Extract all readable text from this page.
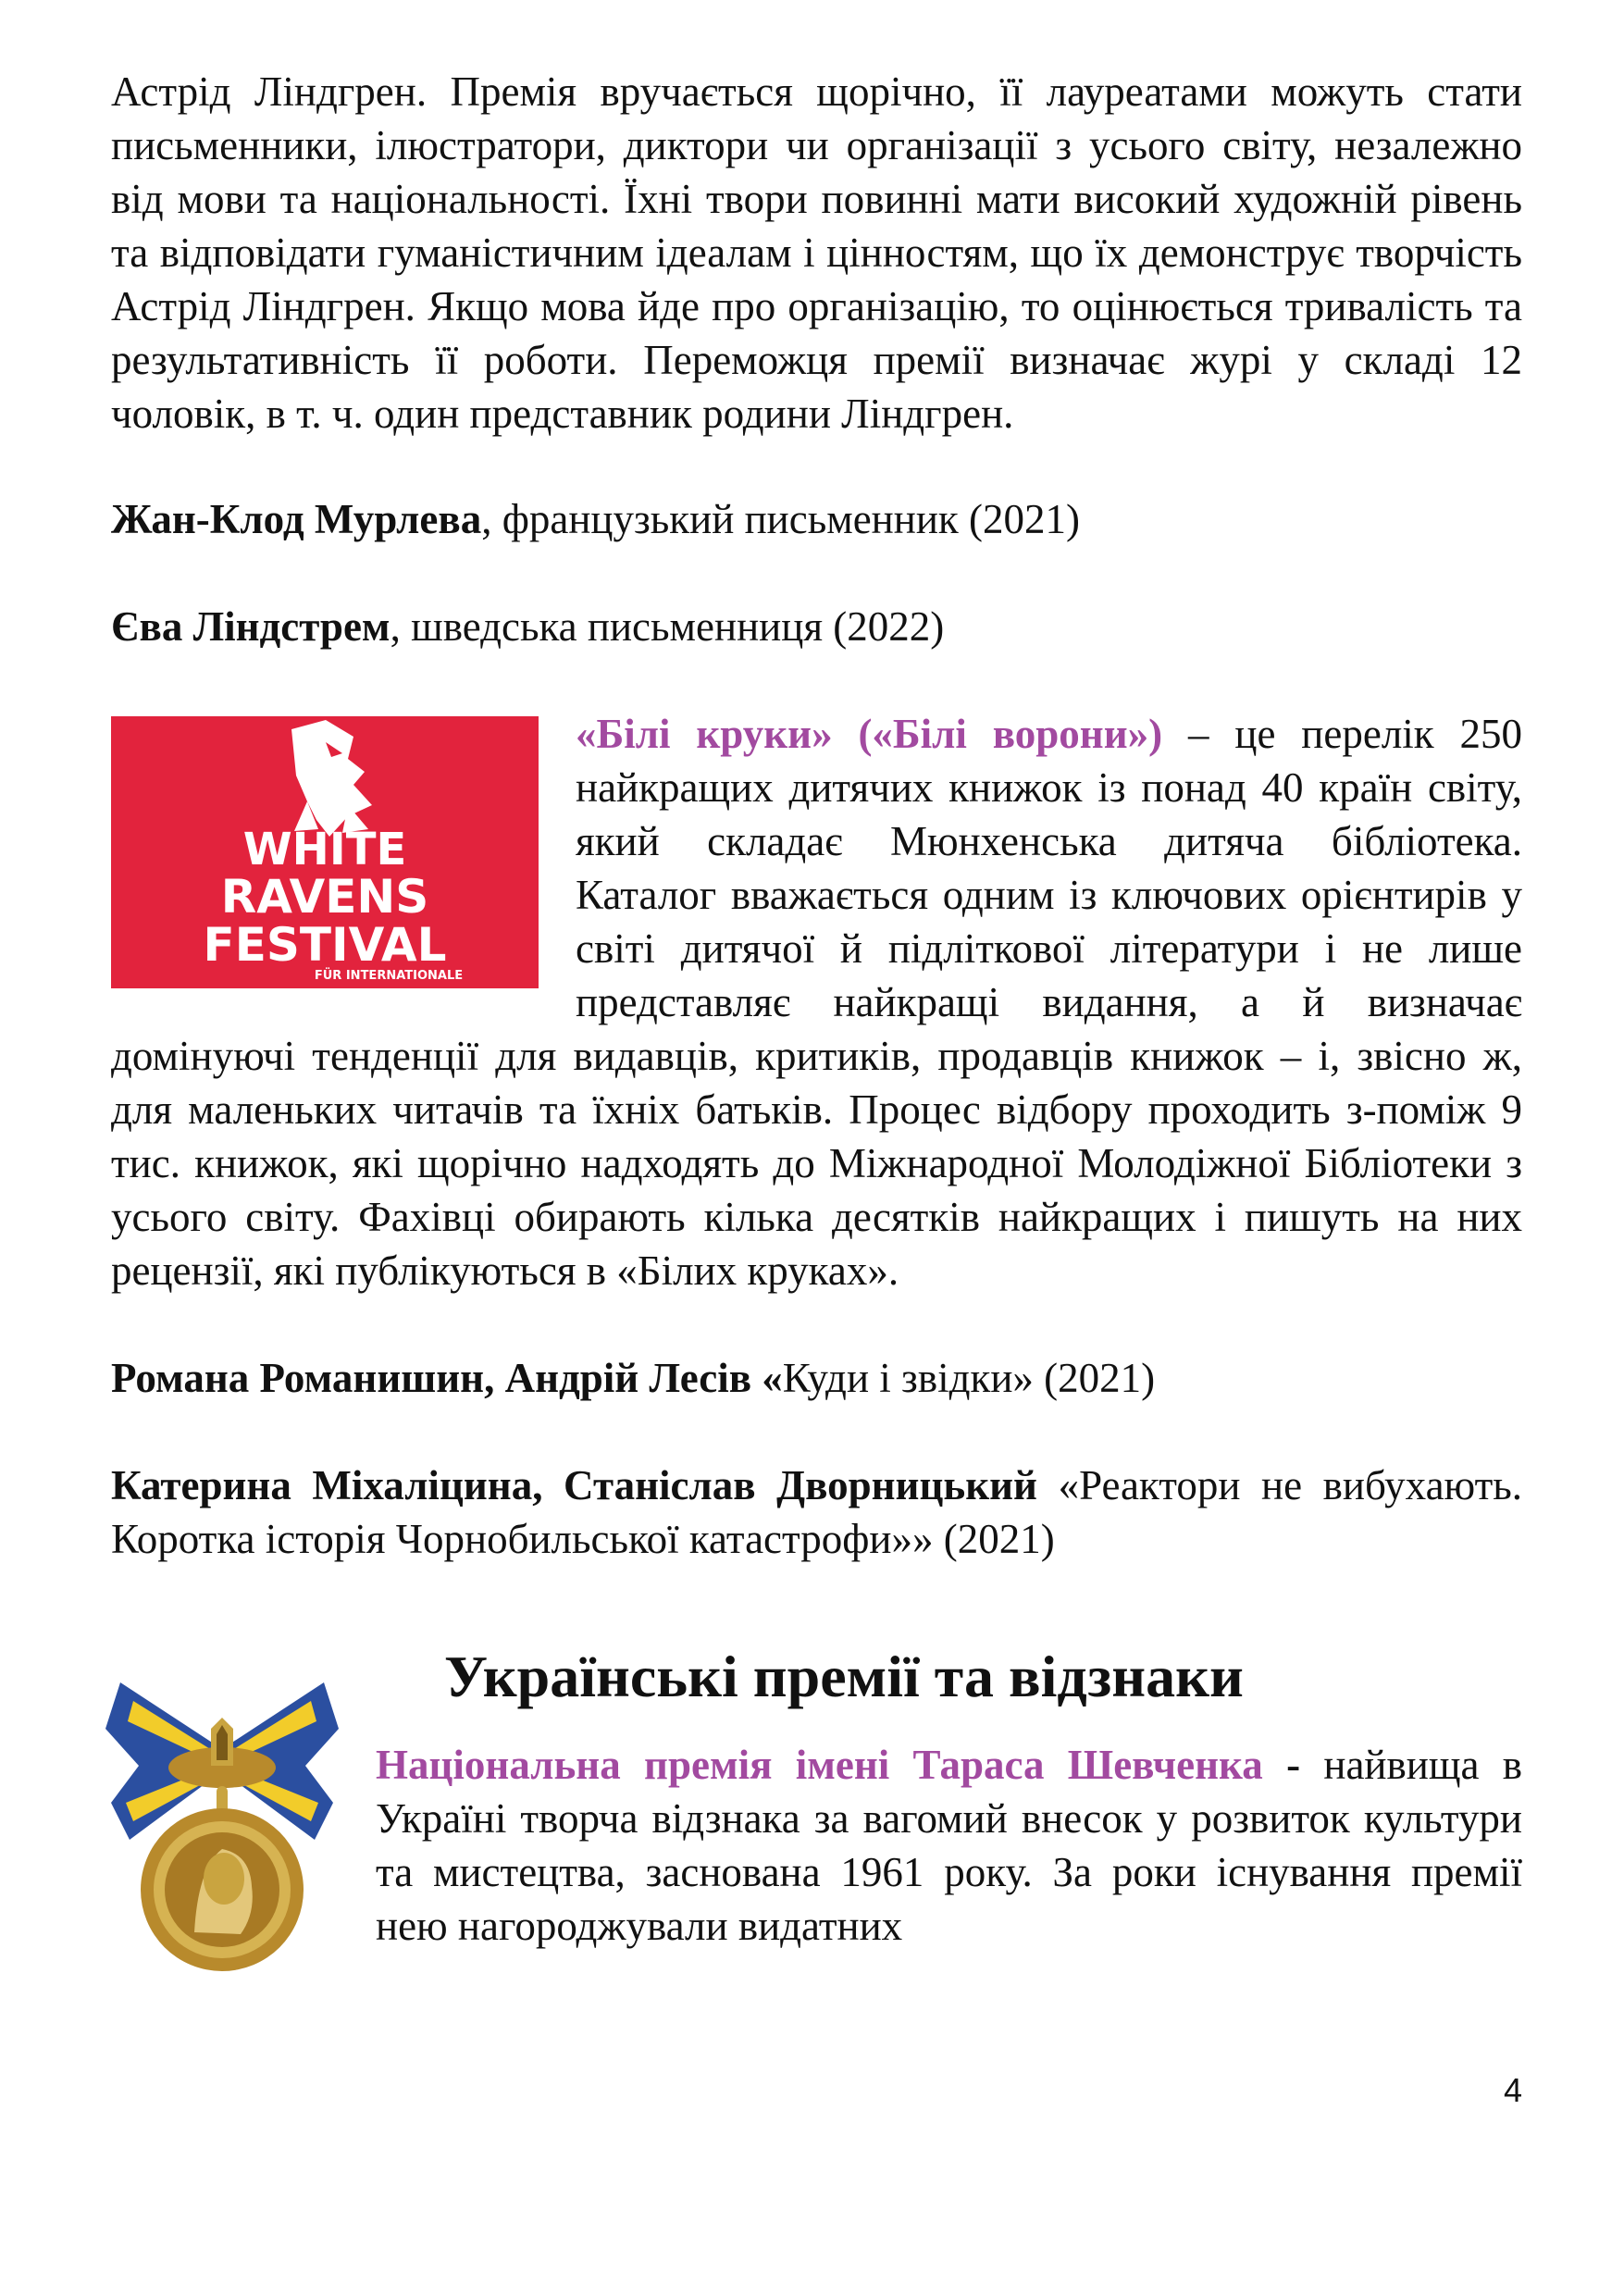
Астрід Ліндгрен. Премія вручається щорічно, її лауреатами можуть стати письменники, ілюстратори, диктори чи організації з усього світу, незалежно від мови та національності. Їхні твори повинні мати високий художній рівень та відповідати гуманістичним ідеалам і цінностям, що їх демонструє творчість Астрід Ліндгрен. Якщо мова йде про організацію, то оцінюється тривалість та результативність її роботи. Переможця премії визначає журі у складі 12 чоловік, в т. ч. один представник родини Ліндгрен.

Жан-Клод Мурлева, французький письменник (2021)

Єва Ліндстрем, шведська письменниця (2022)

WHITE
RAVENS
FESTIVAL
FÜR INTERNATIONALE

«Білі круки» («Білі ворони») – це перелік 250 найкращих дитячих книжок із понад 40 країн світу, який складає Мюнхенська дитяча бібліотека. Каталог вважається одним із ключових орієнтирів у світі дитячої й підліткової літератури і не лише представляє найкращі видання, а й визначає домінуючі тенденції для видавців, критиків, продавців книжок – і, звісно ж, для маленьких читачів та їхніх батьків. Процес відбору проходить з-поміж 9 тис. книжок, які щорічно надходять до Міжнародної Молодіжної Бібліотеки з усього світу. Фахівці обирають кілька десятків найкращих і пишуть на них рецензії, які публікуються в «Білих круках».

Романа Романишин, Андрій Лесів «Куди і звідки» (2021)

Катерина Міхаліцина, Станіслав Дворницький «Реактори не вибухають. Коротка історія Чорнобильської катастрофи»» (2021)

Українські премії та відзнаки

Національна премія імені Тараса Шевченка - найвища в Україні творча відзнака за вагомий внесок у розвиток культури та мистецтва, заснована 1961 року. За роки існування премії нею нагороджували видатних

4
